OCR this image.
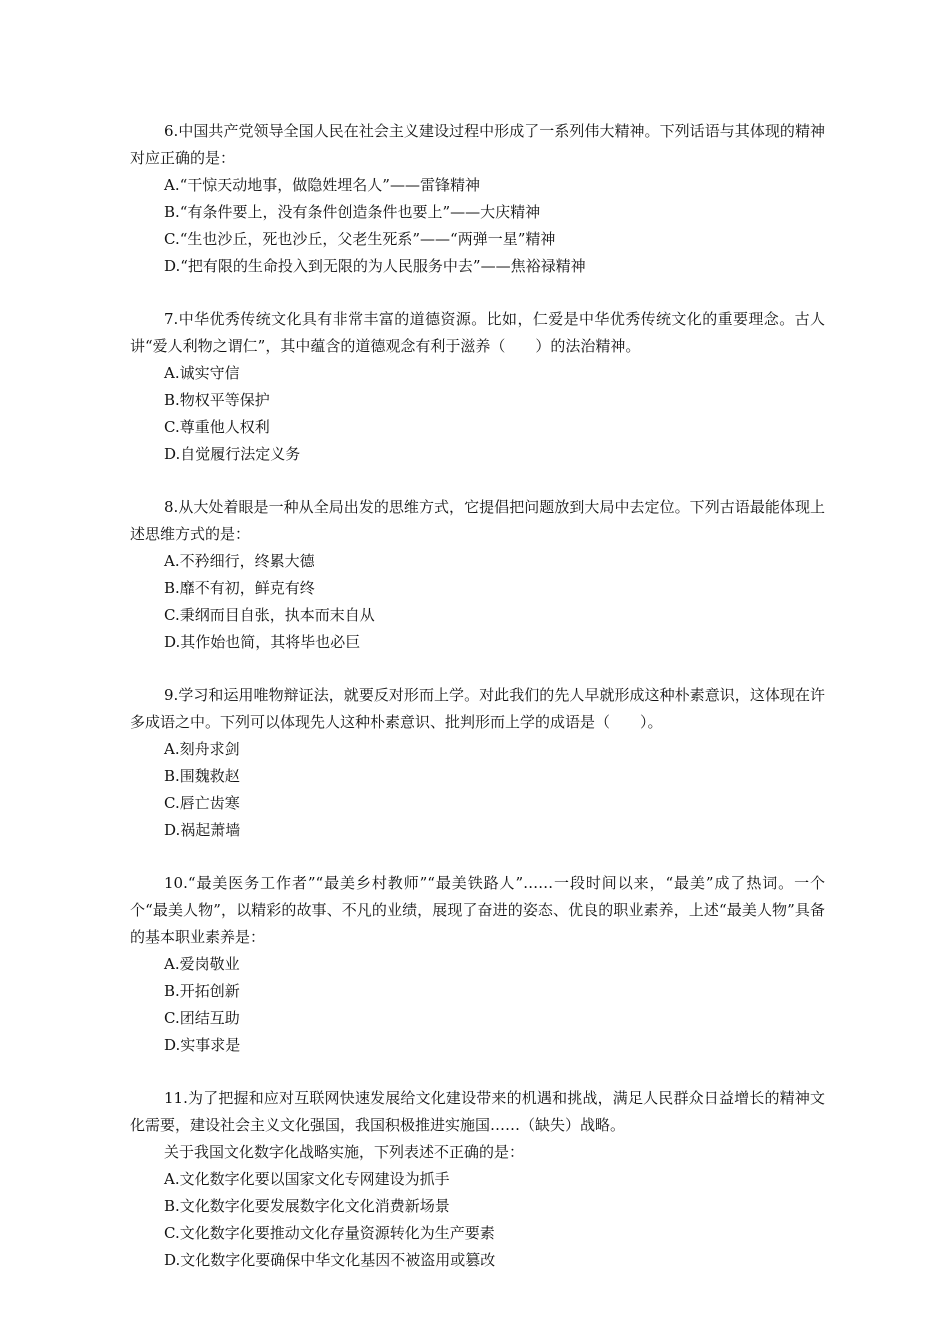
6.中国共产党领导全国人民在社会主义建设过程中形成了一系列伟大精神。下列话语与其体现的精神对应正确的是：

A.“干惊天动地事，做隐姓埋名人”——雷锋精神

B.“有条件要上，没有条件创造条件也要上”——大庆精神

C.“生也沙丘，死也沙丘，父老生死系”——“两弹一星”精神

D.“把有限的生命投入到无限的为人民服务中去”——焦裕禄精神

7.中华优秀传统文化具有非常丰富的道德资源。比如，仁爱是中华优秀传统文化的重要理念。古人讲“爱人利物之谓仁”，其中蕴含的道德观念有利于滋养（　　）的法治精神。

A.诚实守信

B.物权平等保护

C.尊重他人权利

D.自觉履行法定义务

8.从大处着眼是一种从全局出发的思维方式，它提倡把问题放到大局中去定位。下列古语最能体现上述思维方式的是：

A.不矜细行，终累大德

B.靡不有初，鲜克有终

C.秉纲而目自张，执本而末自从

D.其作始也简，其将毕也必巨

9.学习和运用唯物辩证法，就要反对形而上学。对此我们的先人早就形成这种朴素意识，这体现在许多成语之中。下列可以体现先人这种朴素意识、批判形而上学的成语是（　　）。

A.刻舟求剑

B.围魏救赵

C.唇亡齿寒

D.祸起萧墙

10.“最美医务工作者”“最美乡村教师”“最美铁路人”……一段时间以来，“最美”成了热词。一个个“最美人物”，以精彩的故事、不凡的业绩，展现了奋进的姿态、优良的职业素养，上述“最美人物”具备的基本职业素养是：

A.爱岗敬业

B.开拓创新

C.团结互助

D.实事求是

11.为了把握和应对互联网快速发展给文化建设带来的机遇和挑战，满足人民群众日益增长的精神文化需要，建设社会主义文化强国，我国积极推进实施国……（缺失）战略。

关于我国文化数字化战略实施，下列表述不正确的是：

A.文化数字化要以国家文化专网建设为抓手

B.文化数字化要发展数字化文化消费新场景

C.文化数字化要推动文化存量资源转化为生产要素

D.文化数字化要确保中华文化基因不被盗用或篡改
